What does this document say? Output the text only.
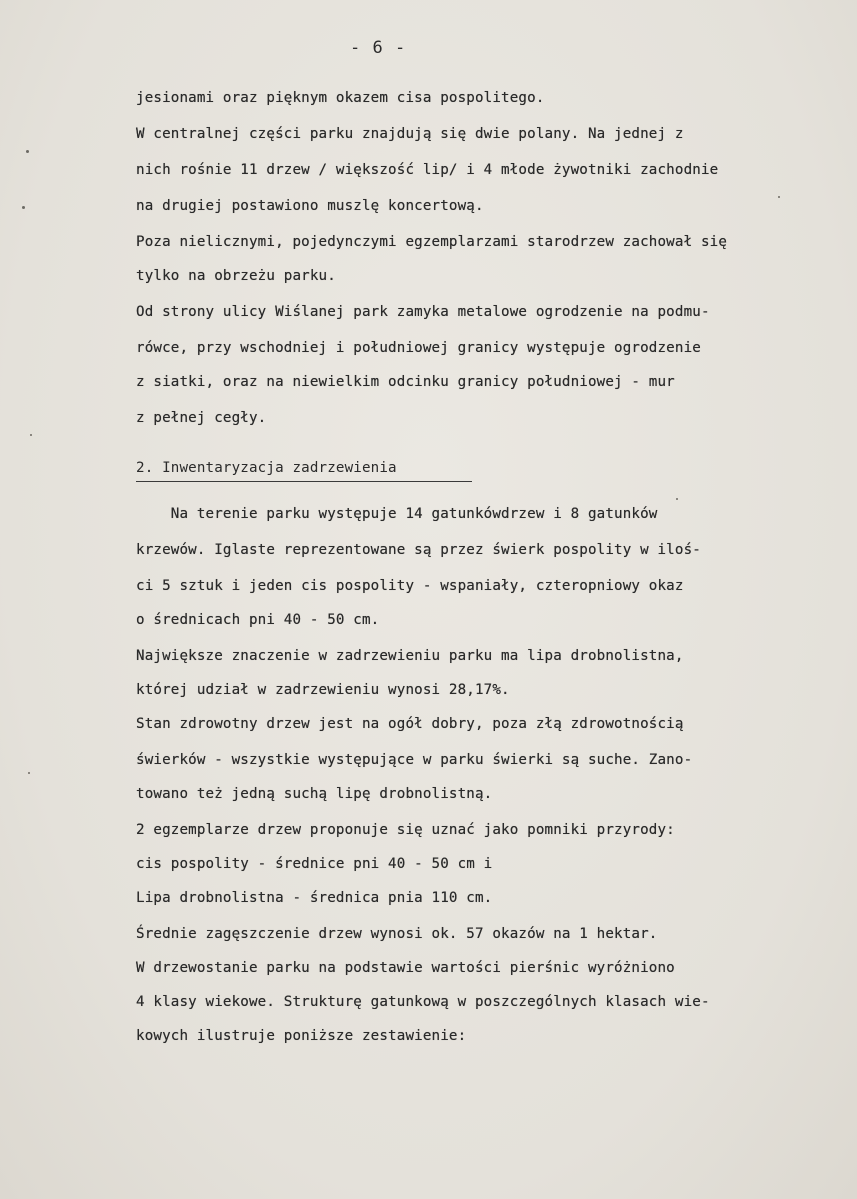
- 6 -
jesionami oraz pięknym okazem cisa pospolitego.
W centralnej części parku znajdują się dwie polany. Na jednej z
nich rośnie 11 drzew / większość lip/ i 4 młode żywotniki zachodnie
na drugiej postawiono muszlę koncertową.
Poza nielicznymi, pojedynczymi egzemplarzami starodrzew zachował się
tylko na obrzeżu parku.
Od strony ulicy Wiślanej park zamyka metalowe ogrodzenie na podmu-
rówce, przy wschodniej i południowej granicy występuje ogrodzenie
z siatki, oraz na niewielkim odcinku granicy południowej - mur
z pełnej cegły.
2. Inwentaryzacja zadrzewienia
Na terenie parku występuje 14 gatunkówdrzew i 8 gatunków
krzewów. Iglaste reprezentowane są przez świerk pospolity w iloś-
ci 5 sztuk i jeden cis pospolity - wspaniały, czteropniowy okaz
o średnicach pni 40 - 50 cm.
Największe znaczenie w zadrzewieniu parku ma lipa drobnolistna,
której udział w zadrzewieniu wynosi 28,17%.
Stan zdrowotny drzew jest na ogół dobry, poza złą zdrowotnością
świerków - wszystkie występujące w parku świerki są suche. Zano-
towano też jedną suchą lipę drobnolistną.
2 egzemplarze drzew proponuje się uznać jako pomniki przyrody:
cis pospolity - średnice pni 40 - 50 cm i
Lipa drobnolistna - średnica pnia 110 cm.
Średnie zagęszczenie drzew wynosi ok. 57 okazów na 1 hektar.
W drzewostanie parku na podstawie wartości pierśnic wyróżniono
4 klasy wiekowe. Strukturę gatunkową w poszczególnych klasach wie-
kowych ilustruje poniższe zestawienie:
